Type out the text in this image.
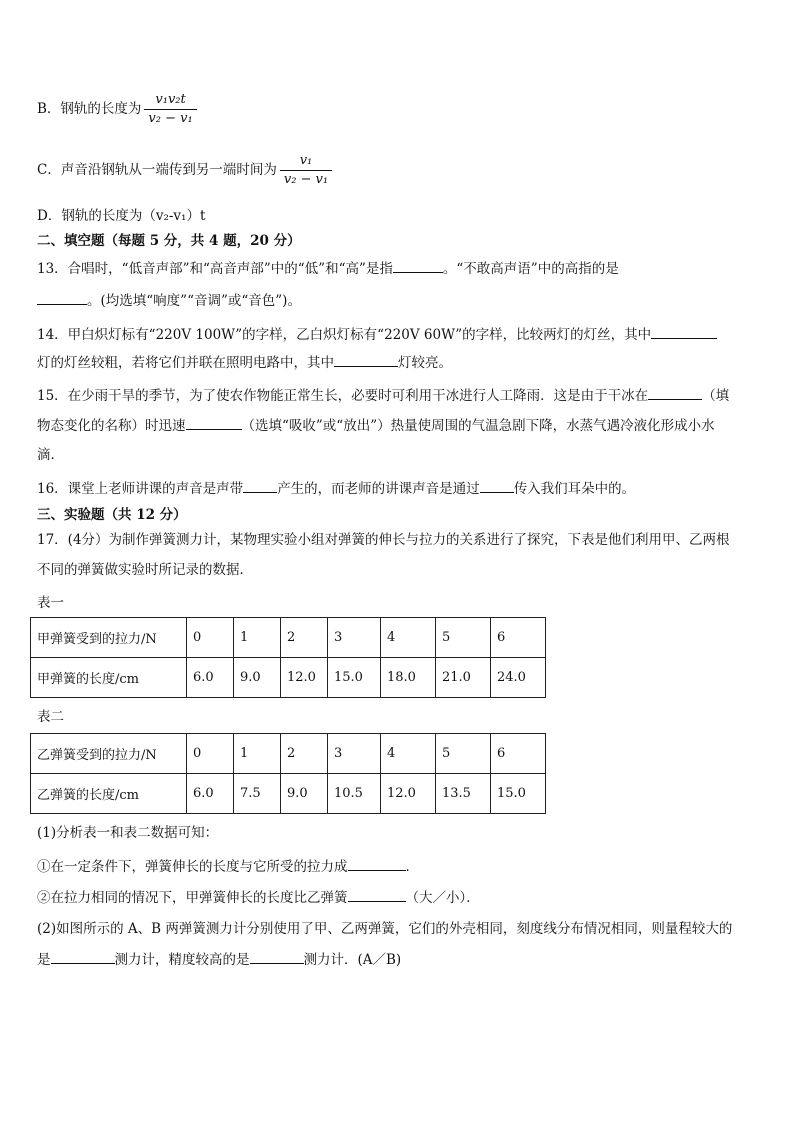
B．钢轨的长度为 $\frac{\text{v₁v₂t}}{\text{v₂ − v₁}}$
C．声音沿钢轨从一端传到另一端时间为 $\frac{\text{v₁}}{\text{v₂ − v₁}}$
D．钢轨的长度为（v₂-v₁）t
二、填空题（每题 5 分，共 4 题，20 分）
13．合唱时，“低音声部”和“高音声部”中的“低”和“高”是指	。“不敢高声语”中的高指的是
。(均选填“响度”“音调”或“音色”)。
14．甲白炽灯标有“220V 100W”的字样，乙白炽灯标有“220V 60W”的字样，比较两灯的灯丝，其中
灯的灯丝较粗，若将它们并联在照明电路中，其中	灯较亮。
15．在少雨干旱的季节，为了使农作物能正常生长，必要时可利用干冰进行人工降雨．这是由于干冰在	（填
物态变化的名称）时迅速	（选填“吸收”或“放出”）热量使周围的气温急剧下降，水蒸气遇冷液化形成小水
滴．
16．课堂上老师讲课的声音是声带	产生的，而老师的讲课声音是通过	传入我们耳朵中的。
三、实验题（共 12 分）
17．(4分）为制作弹簧测力计，某物理实验小组对弹簧的伸长与拉力的关系进行了探究，下表是他们利用甲、乙两根
不同的弹簧做实验时所记录的数据．
表一
甲弹簧受到的拉力/N	0	1	2	3	4	5	6
甲弹簧的长度/cm	6.0	9.0	12.0	15.0	18.0	21.0	24.0
表二
乙弹簧受到的拉力/N	0	1	2	3	4	5	6
乙弹簧的长度/cm	6.0	7.5	9.0	10.5	12.0	13.5	15.0
(1)分析表一和表二数据可知：
①在一定条件下，弹簧伸长的长度与它所受的拉力成	．
②在拉力相同的情况下，甲弹簧伸长的长度比乙弹簧	（大／小）．
(2)如图所示的 A、B 两弹簧测力计分别使用了甲、乙两弹簧，它们的外壳相同，刻度线分布情况相同，则量程较大的
是	测力计，精度较高的是	测力计．(A／B)
